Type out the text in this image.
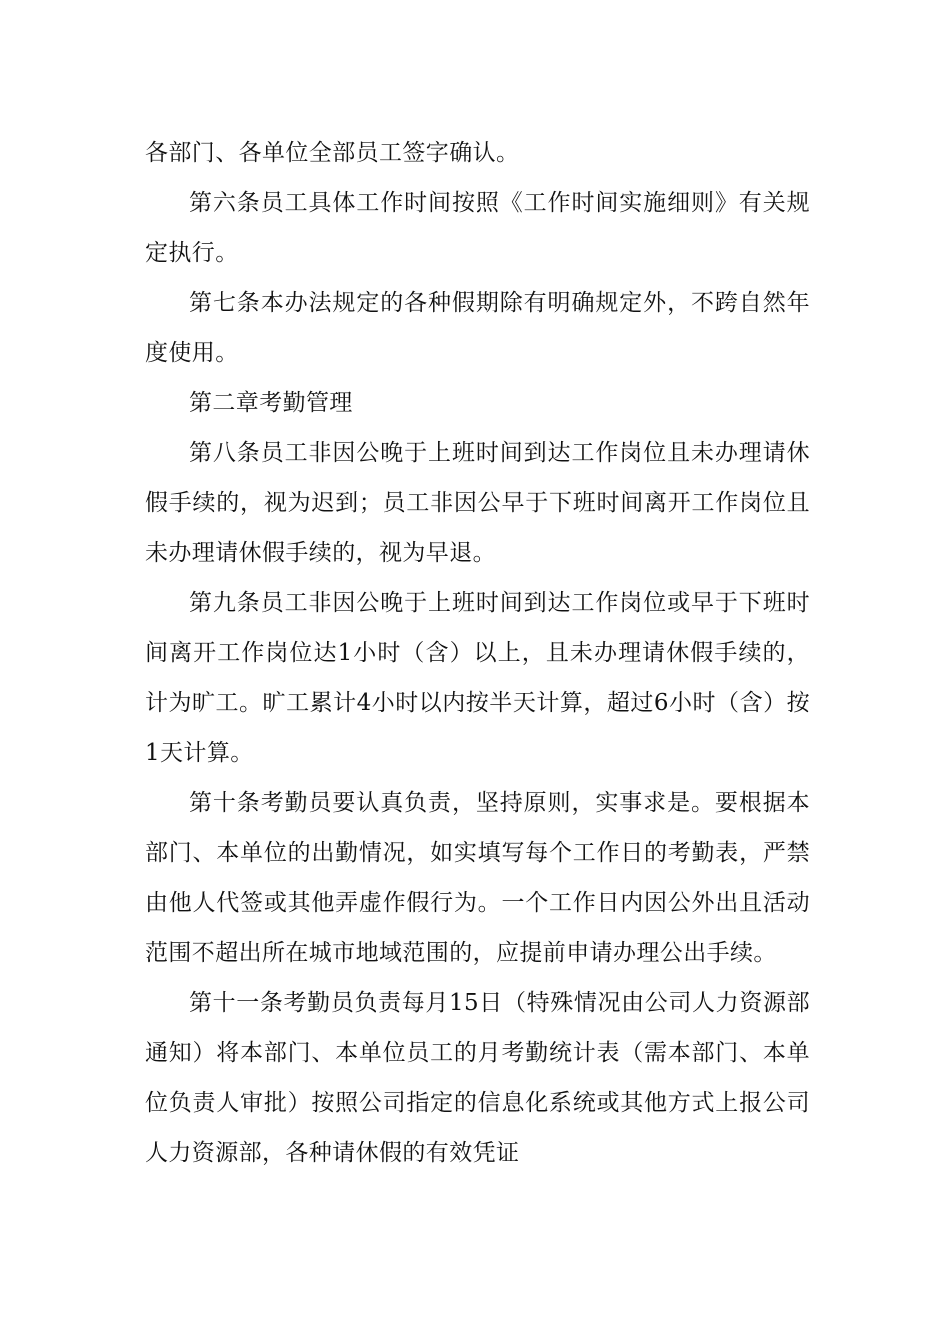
各部门、各单位全部员工签字确认。

第六条员工具体工作时间按照《工作时间实施细则》有关规定执行。

第七条本办法规定的各种假期除有明确规定外，不跨自然年度使用。

第二章考勤管理

第八条员工非因公晚于上班时间到达工作岗位且未办理请休假手续的，视为迟到；员工非因公早于下班时间离开工作岗位且未办理请休假手续的，视为早退。

第九条员工非因公晚于上班时间到达工作岗位或早于下班时间离开工作岗位达1小时（含）以上，且未办理请休假手续的，计为旷工。旷工累计4小时以内按半天计算，超过6小时（含）按1天计算。

第十条考勤员要认真负责，坚持原则，实事求是。要根据本部门、本单位的出勤情况，如实填写每个工作日的考勤表，严禁由他人代签或其他弄虚作假行为。一个工作日内因公外出且活动范围不超出所在城市地域范围的，应提前申请办理公出手续。

第十一条考勤员负责每月15日（特殊情况由公司人力资源部通知）将本部门、本单位员工的月考勤统计表（需本部门、本单位负责人审批）按照公司指定的信息化系统或其他方式上报公司人力资源部，各种请休假的有效凭证
